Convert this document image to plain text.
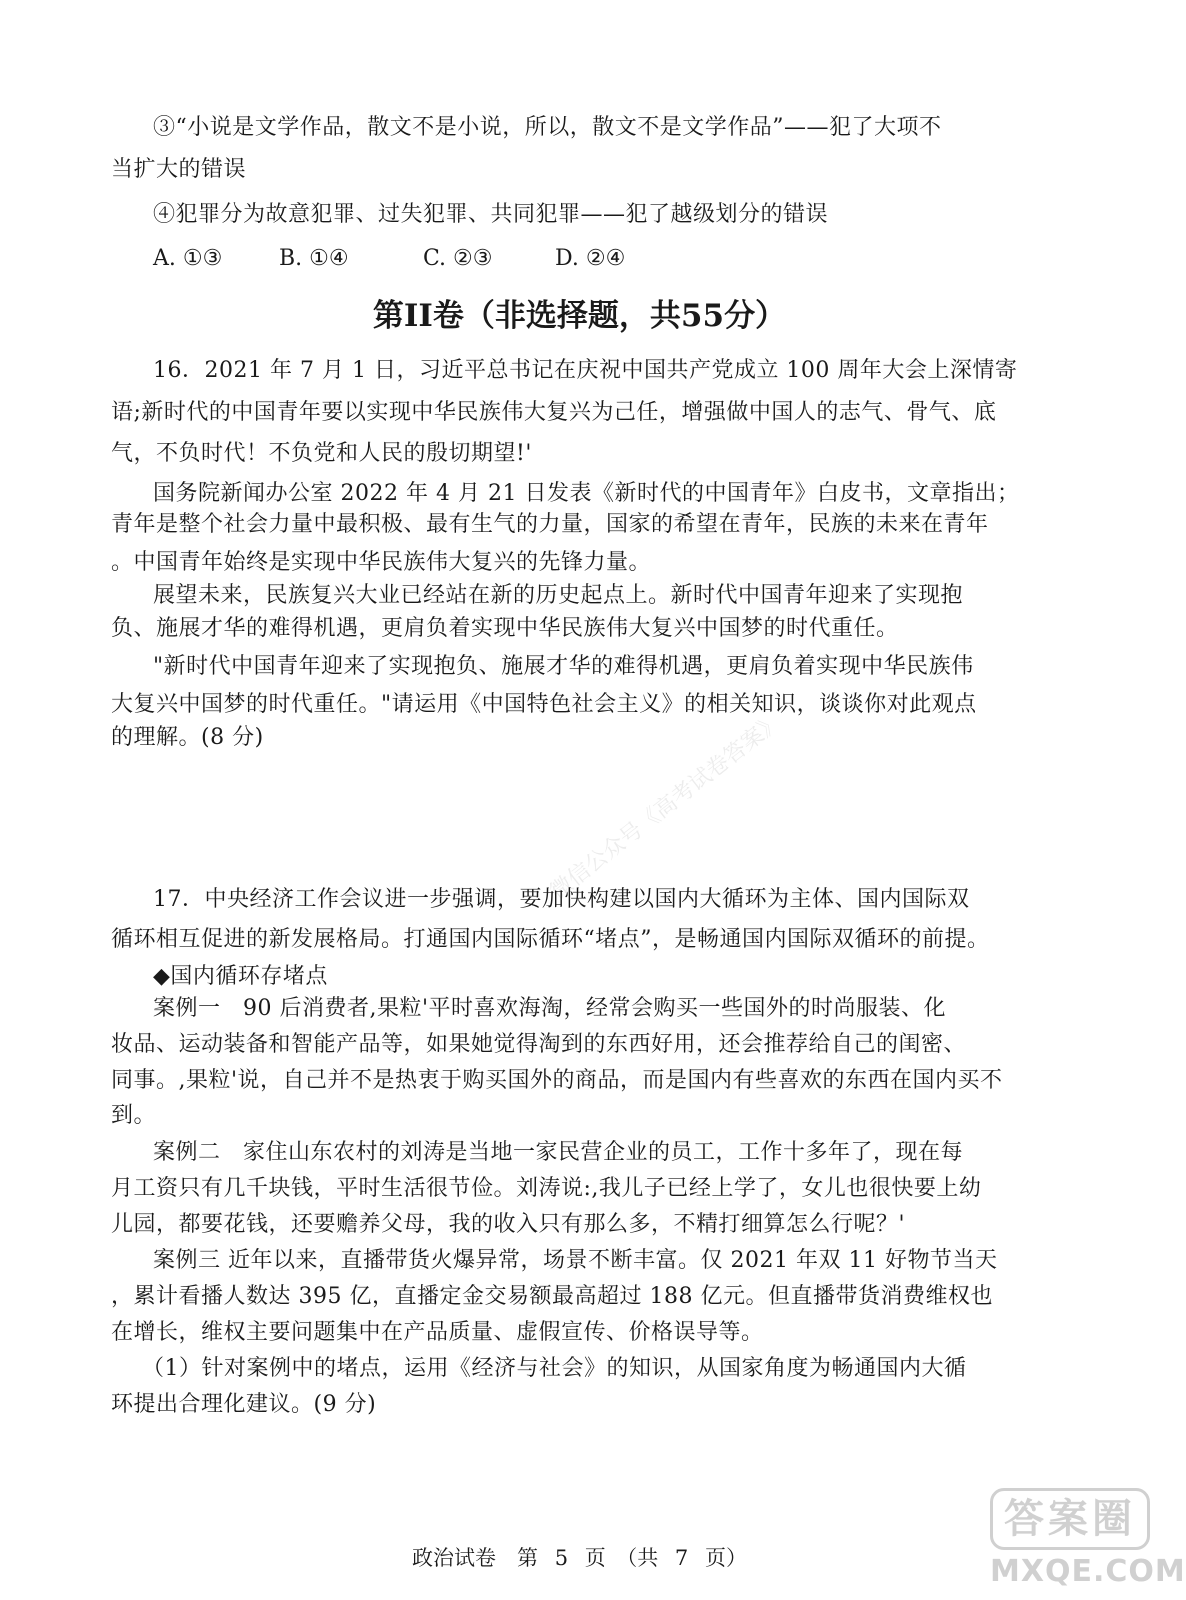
微信公众号《高考试卷答案》
③“小说是文学作品，散文不是小说，所以，散文不是文学作品”——犯了大项不
当扩大的错误
④犯罪分为故意犯罪、过失犯罪、共同犯罪——犯了越级划分的错误
A. ①③	B. ①④	C. ②③	D. ②④
第II卷（非选择题，共55分）
16．2021 年 7 月 1 日，习近平总书记在庆祝中国共产党成立 100 周年大会上深情寄
语;新时代的中国青年要以实现中华民族伟大复兴为己任，增强做中国人的志气、骨气、底
气，不负时代！不负党和人民的殷切期望!'
国务院新闻办公室 2022 年 4 月 21 日发表《新时代的中国青年》白皮书，文章指出；
青年是整个社会力量中最积极、最有生气的力量，国家的希望在青年，民族的未来在青年
。中国青年始终是实现中华民族伟大复兴的先锋力量。
展望未来，民族复兴大业已经站在新的历史起点上。新时代中国青年迎来了实现抱
负、施展才华的难得机遇，更肩负着实现中华民族伟大复兴中国梦的时代重任。
"新时代中国青年迎来了实现抱负、施展才华的难得机遇，更肩负着实现中华民族伟
大复兴中国梦的时代重任。"请运用《中国特色社会主义》的相关知识，谈谈你对此观点
的理解。(8 分)
17．中央经济工作会议进一步强调，要加快构建以国内大循环为主体、国内国际双
循环相互促进的新发展格局。打通国内国际循环“堵点”，是畅通国内国际双循环的前提。
◆国内循环存堵点
案例一　90 后消费者,果粒'平时喜欢海淘，经常会购买一些国外的时尚服装、化
妆品、运动装备和智能产品等，如果她觉得淘到的东西好用，还会推荐给自己的闺密、
同事。,果粒'说，自己并不是热衷于购买国外的商品，而是国内有些喜欢的东西在国内买不
到。
案例二　家住山东农村的刘涛是当地一家民营企业的员工，工作十多年了，现在每
月工资只有几千块钱，平时生活很节俭。刘涛说:,我儿子已经上学了，女儿也很快要上幼
儿园，都要花钱，还要赡养父母，我的收入只有那么多，不精打细算怎么行呢？'
案例三 近年以来，直播带货火爆异常，场景不断丰富。仅 2021 年双 11 好物节当天
，累计看播人数达 395 亿，直播定金交易额最高超过 188 亿元。但直播带货消费维权也
在增长，维权主要问题集中在产品质量、虚假宣传、价格误导等。
（1）针对案例中的堵点，运用《经济与社会》的知识，从国家角度为畅通国内大循
环提出合理化建议。(9 分)
政治试卷　第 5 页　（共 7 页）
答案圈
MXQE.COM
